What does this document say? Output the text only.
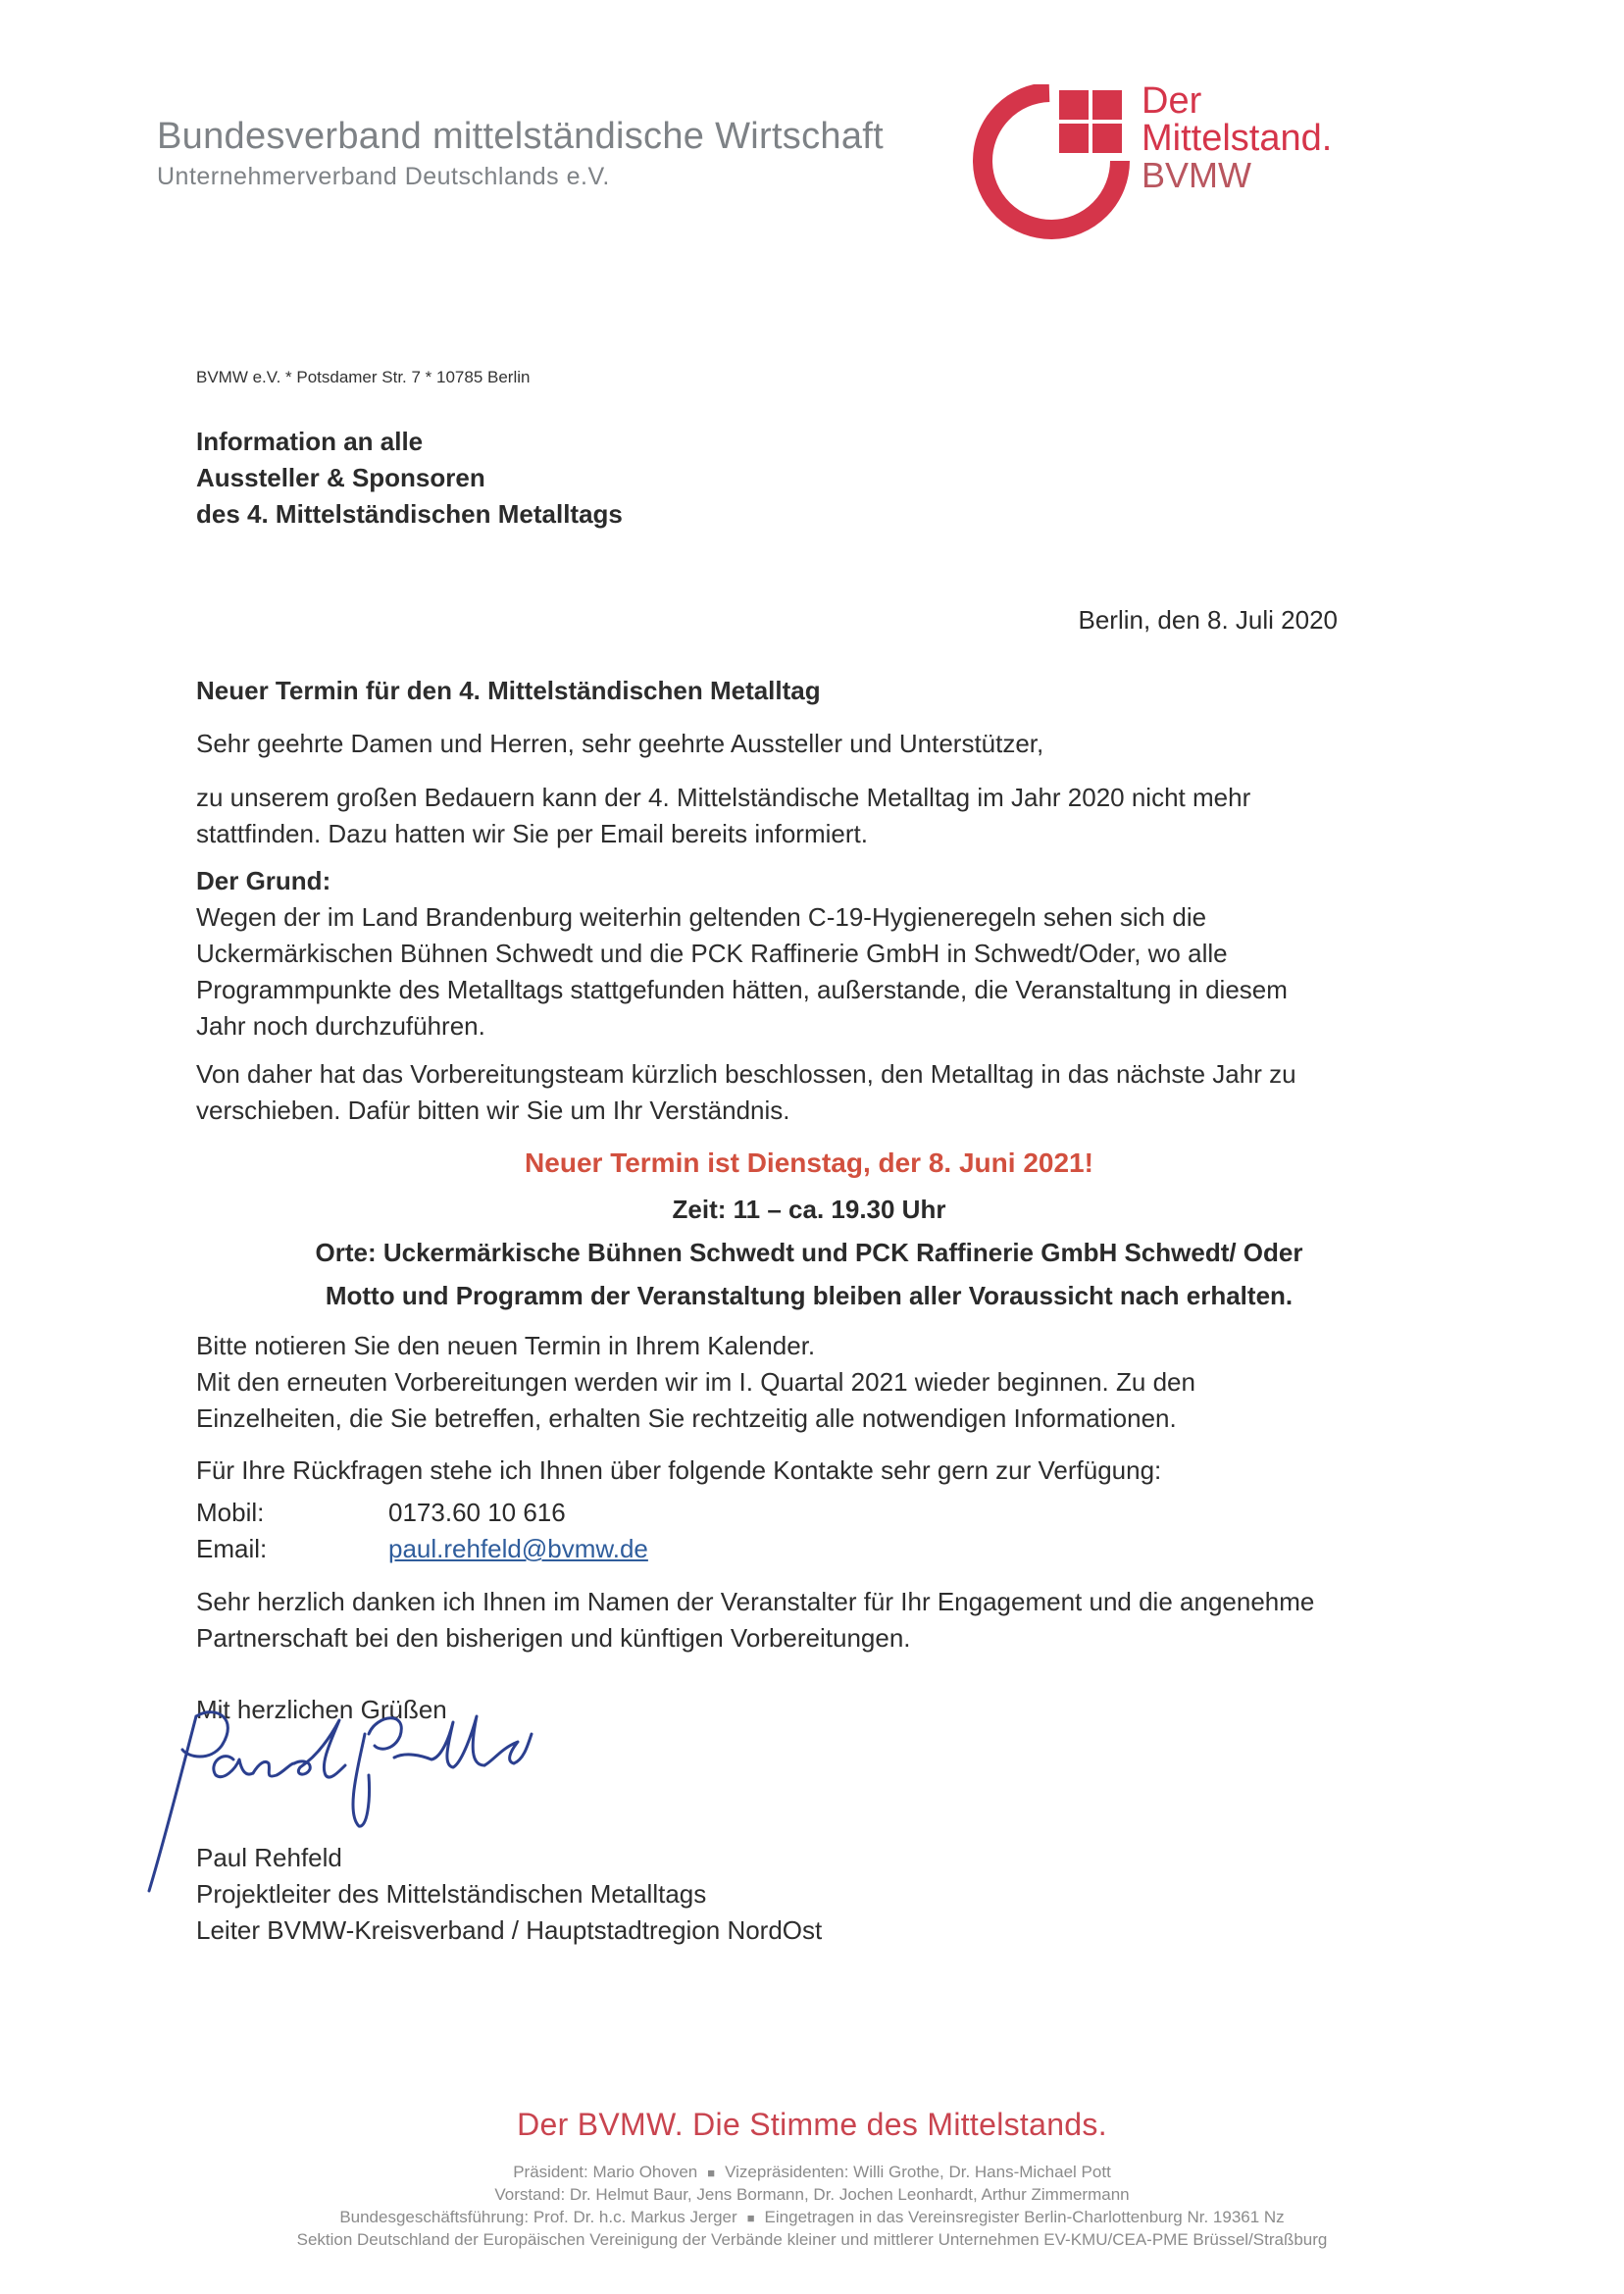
Bundesverband mittelständische Wirtschaft
Unternehmerverband Deutschlands e.V.
Der
Mittelstand.
BVMW
BVMW e.V. * Potsdamer Str. 7 * 10785 Berlin
Information an alle
Aussteller & Sponsoren
des 4. Mittelständischen Metalltags
Berlin, den 8. Juli 2020
Neuer Termin für den 4. Mittelständischen Metalltag
Sehr geehrte Damen und Herren, sehr geehrte Aussteller und Unterstützer,
zu unserem großen Bedauern kann der 4. Mittelständische Metalltag im Jahr 2020 nicht mehr
stattfinden. Dazu hatten wir Sie per Email bereits informiert.
Der Grund:
Wegen der im Land Brandenburg weiterhin geltenden C-19-Hygieneregeln sehen sich die
Uckermärkischen Bühnen Schwedt und die PCK Raffinerie GmbH in Schwedt/Oder, wo alle
Programmpunkte des Metalltags stattgefunden hätten, außerstande, die Veranstaltung in diesem
Jahr noch durchzuführen.
Von daher hat das Vorbereitungsteam kürzlich beschlossen, den Metalltag in das nächste Jahr zu
verschieben. Dafür bitten wir Sie um Ihr Verständnis.
Neuer Termin ist Dienstag, der 8. Juni 2021!
Zeit: 11 – ca. 19.30 Uhr
Orte: Uckermärkische Bühnen Schwedt und PCK Raffinerie GmbH Schwedt/ Oder
Motto und Programm der Veranstaltung bleiben aller Voraussicht nach erhalten.
Bitte notieren Sie den neuen Termin in Ihrem Kalender.
Mit den erneuten Vorbereitungen werden wir im I. Quartal 2021 wieder beginnen. Zu den
Einzelheiten, die Sie betreffen, erhalten Sie rechtzeitig alle notwendigen Informationen.
Für Ihre Rückfragen stehe ich Ihnen über folgende Kontakte sehr gern zur Verfügung:
Mobil:	0173.60 10 616
Email:	paul.rehfeld@bvmw.de
Sehr herzlich danken ich Ihnen im Namen der Veranstalter für Ihr Engagement und die angenehme
Partnerschaft bei den bisherigen und künftigen Vorbereitungen.
Mit herzlichen Grüßen
Paul Rehfeld
Projektleiter des Mittelständischen Metalltags
Leiter BVMW-Kreisverband / Hauptstadtregion NordOst
Der BVMW. Die Stimme des Mittelstands.
Präsident: Mario Ohoven ■ Vizepräsidenten: Willi Grothe, Dr. Hans-Michael Pott
Vorstand: Dr. Helmut Baur, Jens Bormann, Dr. Jochen Leonhardt, Arthur Zimmermann
Bundesgeschäftsführung: Prof. Dr. h.c. Markus Jerger ■ Eingetragen in das Vereinsregister Berlin-Charlottenburg Nr. 19361 Nz
Sektion Deutschland der Europäischen Vereinigung der Verbände kleiner und mittlerer Unternehmen EV-KMU/CEA-PME Brüssel/Straßburg
